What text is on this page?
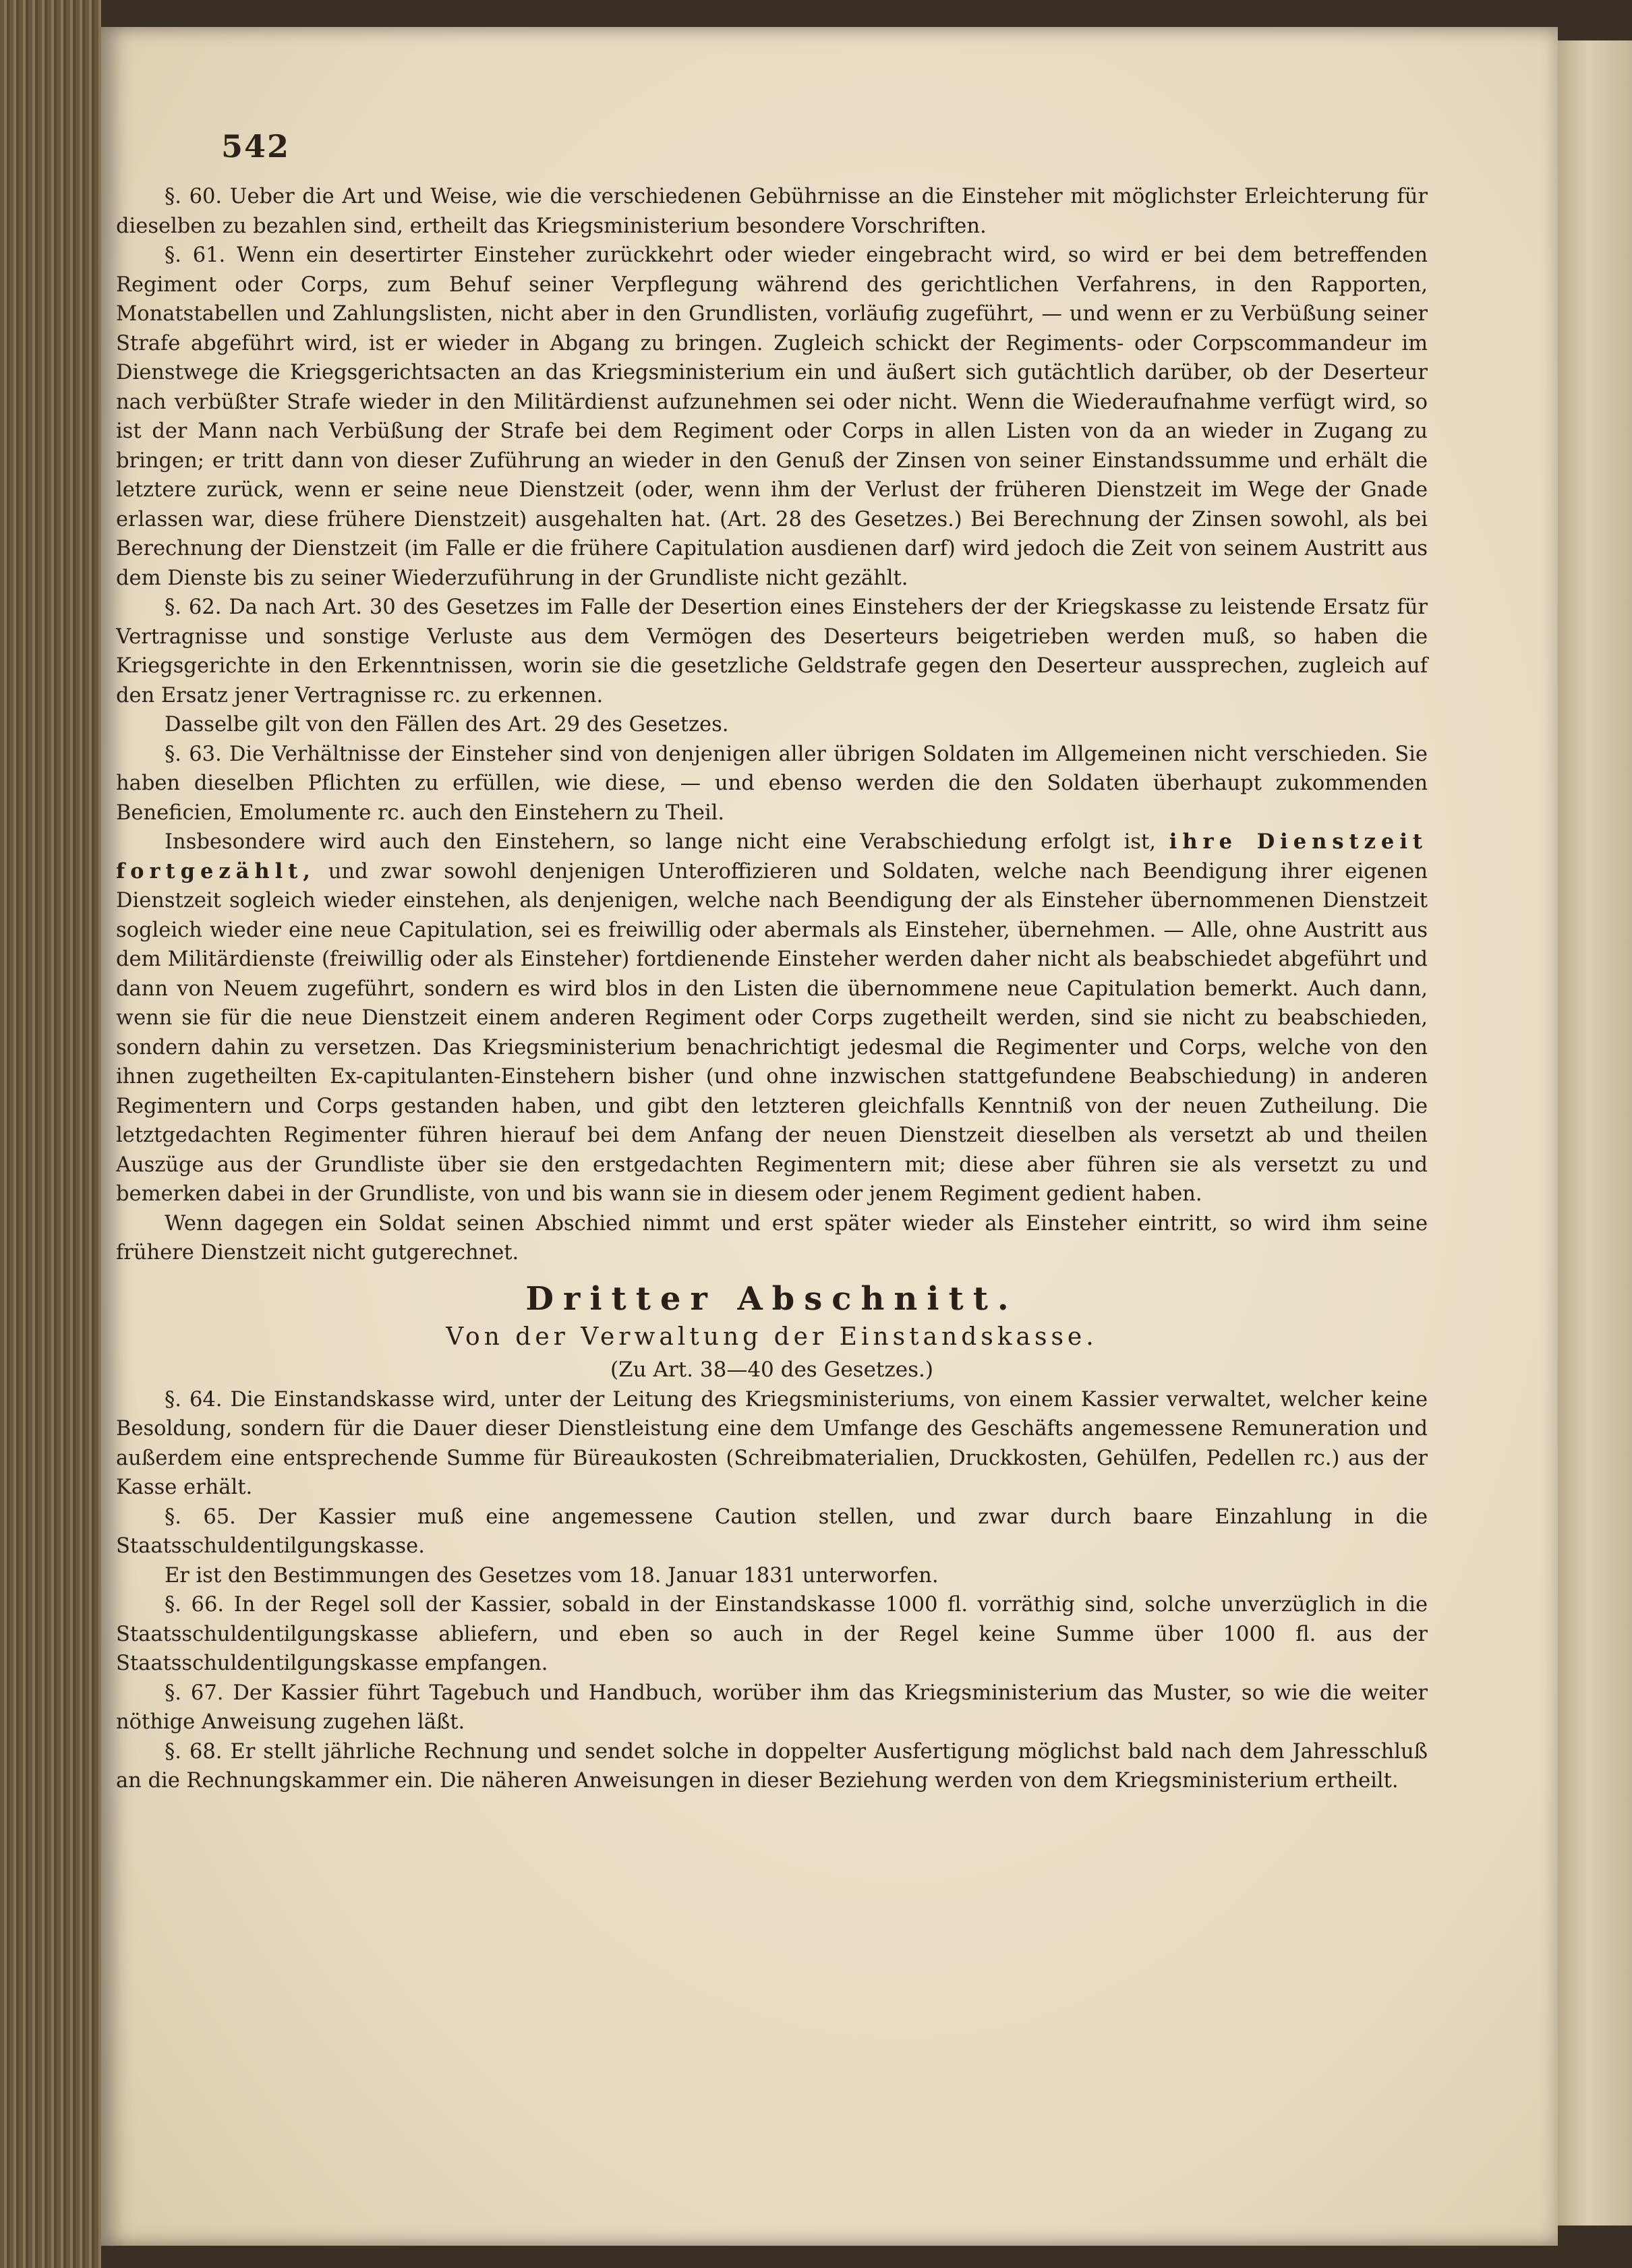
542

§. 60. Ueber die Art und Weise, wie die verschiedenen Gebührnisse an die Einsteher mit möglichster Erleichterung für dieselben zu bezahlen sind, ertheilt das Kriegsministerium besondere Vorschriften.

§. 61. Wenn ein desertirter Einsteher zurückkehrt oder wieder eingebracht wird, so wird er bei dem betreffenden Regiment oder Corps, zum Behuf seiner Verpflegung während des gerichtlichen Verfahrens, in den Rapporten, Monatstabellen und Zahlungslisten, nicht aber in den Grundlisten, vorläufig zugeführt, — und wenn er zu Verbüßung seiner Strafe abgeführt wird, ist er wieder in Abgang zu bringen. Zugleich schickt der Regiments- oder Corpscommandeur im Dienstwege die Kriegsgerichtsacten an das Kriegsministerium ein und äußert sich gutächtlich darüber, ob der Deserteur nach verbüßter Strafe wieder in den Militärdienst aufzunehmen sei oder nicht. Wenn die Wiederaufnahme verfügt wird, so ist der Mann nach Verbüßung der Strafe bei dem Regiment oder Corps in allen Listen von da an wieder in Zugang zu bringen; er tritt dann von dieser Zuführung an wieder in den Genuß der Zinsen von seiner Einstandssumme und erhält die letztere zurück, wenn er seine neue Dienstzeit (oder, wenn ihm der Verlust der früheren Dienstzeit im Wege der Gnade erlassen war, diese frühere Dienstzeit) ausgehalten hat. (Art. 28 des Gesetzes.) Bei Berechnung der Zinsen sowohl, als bei Berechnung der Dienstzeit (im Falle er die frühere Capitulation ausdienen darf) wird jedoch die Zeit von seinem Austritt aus dem Dienste bis zu seiner Wiederzuführung in der Grundliste nicht gezählt.

§. 62. Da nach Art. 30 des Gesetzes im Falle der Desertion eines Einstehers der der Kriegskasse zu leistende Ersatz für Vertragnisse und sonstige Verluste aus dem Vermögen des Deserteurs beigetrieben werden muß, so haben die Kriegsgerichte in den Erkenntnissen, worin sie die gesetzliche Geldstrafe gegen den Deserteur aussprechen, zugleich auf den Ersatz jener Vertragnisse rc. zu erkennen.

Dasselbe gilt von den Fällen des Art. 29 des Gesetzes.

§. 63. Die Verhältnisse der Einsteher sind von denjenigen aller übrigen Soldaten im Allgemeinen nicht verschieden. Sie haben dieselben Pflichten zu erfüllen, wie diese, — und ebenso werden die den Soldaten überhaupt zukommenden Beneficien, Emolumente rc. auch den Einstehern zu Theil.

Insbesondere wird auch den Einstehern, so lange nicht eine Verabschiedung erfolgt ist, ihre Dienstzeit fortgezählt, und zwar sowohl denjenigen Unteroffizieren und Soldaten, welche nach Beendigung ihrer eigenen Dienstzeit sogleich wieder einstehen, als denjenigen, welche nach Beendigung der als Einsteher übernommenen Dienstzeit sogleich wieder eine neue Capitulation, sei es freiwillig oder abermals als Einsteher, übernehmen. — Alle, ohne Austritt aus dem Militärdienste (freiwillig oder als Einsteher) fortdienende Einsteher werden daher nicht als beabschiedet abgeführt und dann von Neuem zugeführt, sondern es wird blos in den Listen die übernommene neue Capitulation bemerkt. Auch dann, wenn sie für die neue Dienstzeit einem anderen Regiment oder Corps zugetheilt werden, sind sie nicht zu beabschieden, sondern dahin zu versetzen. Das Kriegsministerium benachrichtigt jedesmal die Regimenter und Corps, welche von den ihnen zugetheilten Ex-capitulanten-Einstehern bisher (und ohne inzwischen stattgefundene Beabschiedung) in anderen Regimentern und Corps gestanden haben, und gibt den letzteren gleichfalls Kenntniß von der neuen Zutheilung. Die letztgedachten Regimenter führen hierauf bei dem Anfang der neuen Dienstzeit dieselben als versetzt ab und theilen Auszüge aus der Grundliste über sie den erstgedachten Regimentern mit; diese aber führen sie als versetzt zu und bemerken dabei in der Grundliste, von und bis wann sie in diesem oder jenem Regiment gedient haben.

Wenn dagegen ein Soldat seinen Abschied nimmt und erst später wieder als Einsteher eintritt, so wird ihm seine frühere Dienstzeit nicht gutgerechnet.

Dritter Abschnitt.
Von der Verwaltung der Einstandskasse.
(Zu Art. 38—40 des Gesetzes.)

§. 64. Die Einstandskasse wird, unter der Leitung des Kriegsministeriums, von einem Kassier verwaltet, welcher keine Besoldung, sondern für die Dauer dieser Dienstleistung eine dem Umfange des Geschäfts angemessene Remuneration und außerdem eine entsprechende Summe für Büreaukosten (Schreibmaterialien, Druckkosten, Gehülfen, Pedellen rc.) aus der Kasse erhält.

§. 65. Der Kassier muß eine angemessene Caution stellen, und zwar durch baare Einzahlung in die Staatsschuldentilgungskasse.

Er ist den Bestimmungen des Gesetzes vom 18. Januar 1831 unterworfen.

§. 66. In der Regel soll der Kassier, sobald in der Einstandskasse 1000 fl. vorräthig sind, solche unverzüglich in die Staatsschuldentilgungskasse abliefern, und eben so auch in der Regel keine Summe über 1000 fl. aus der Staatsschuldentilgungskasse empfangen.

§. 67. Der Kassier führt Tagebuch und Handbuch, worüber ihm das Kriegsministerium das Muster, so wie die weiter nöthige Anweisung zugehen läßt.

§. 68. Er stellt jährliche Rechnung und sendet solche in doppelter Ausfertigung möglichst bald nach dem Jahresschluß an die Rechnungskammer ein. Die näheren Anweisungen in dieser Beziehung werden von dem Kriegsministerium ertheilt.
